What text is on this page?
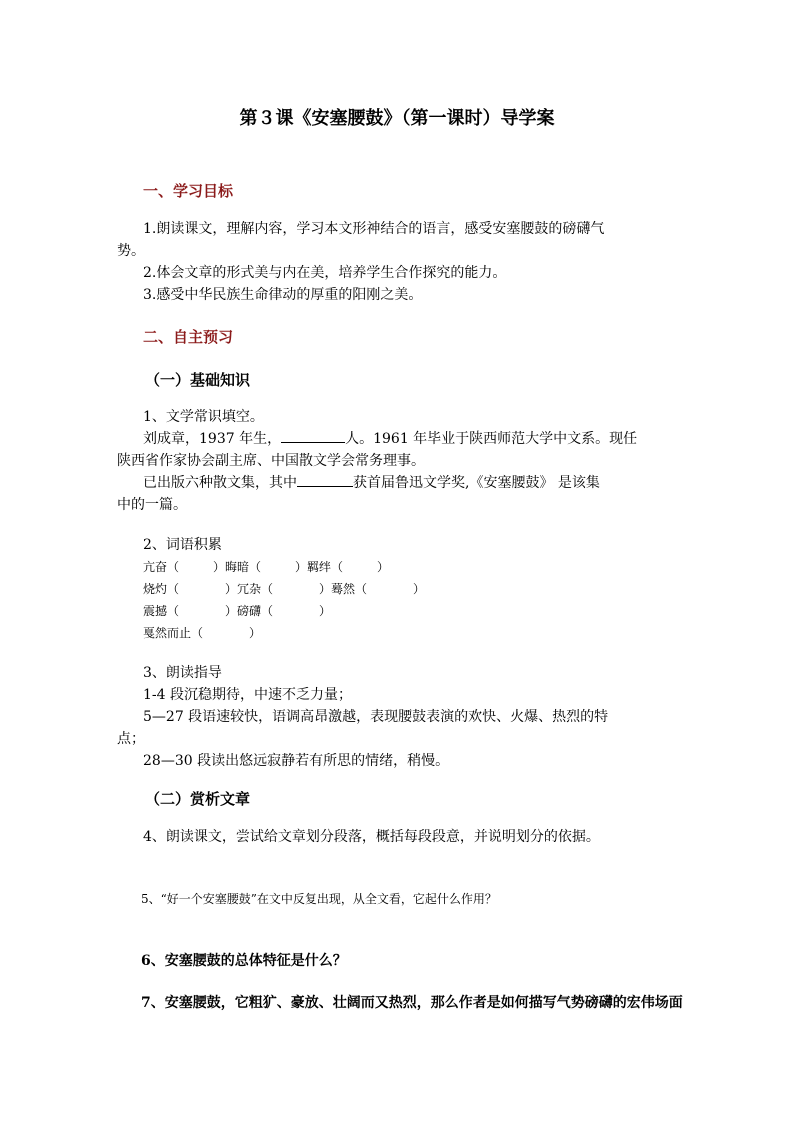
第３课《安塞腰鼓》（第一课时）导学案
一、学习目标
1.朗读课文，理解内容，学习本文形神结合的语言，感受安塞腰鼓的磅礴气
势。
2.体会文章的形式美与内在美，培养学生合作探究的能力。
3.感受中华民族生命律动的厚重的阳刚之美。
二、自主预习
（一）基础知识
1、文学常识填空。
刘成章，1937 年生，	人。1961 年毕业于陕西师范大学中文系。现任
陕西省作家协会副主席、中国散文学会常务理事。
已出版六种散文集，其中	获首届鲁迅文学奖,《安塞腰鼓》 是该集
中的一篇。
2、词语积累
亢奋（	）晦暗（	）羁绊（	）
烧灼（	）冗杂（	）蓦然（	）
震撼（	）磅礴（	）
戛然而止（	）
3、朗读指导
1-4 段沉稳期待，中速不乏力量；
5—27 段语速较快，语调高昂激越，表现腰鼓表演的欢快、火爆、热烈的特
点；
28—30 段读出悠远寂静若有所思的情绪，稍慢。
（二）赏析文章
4、朗读课文，尝试给文章划分段落，概括每段段意，并说明划分的依据。
5、“好一个安塞腰鼓”在文中反复出现，从全文看，它起什么作用？
6、安塞腰鼓的总体特征是什么？
7、安塞腰鼓，它粗犷、豪放、壮阔而又热烈，那么作者是如何描写气势磅礴的宏伟场面
